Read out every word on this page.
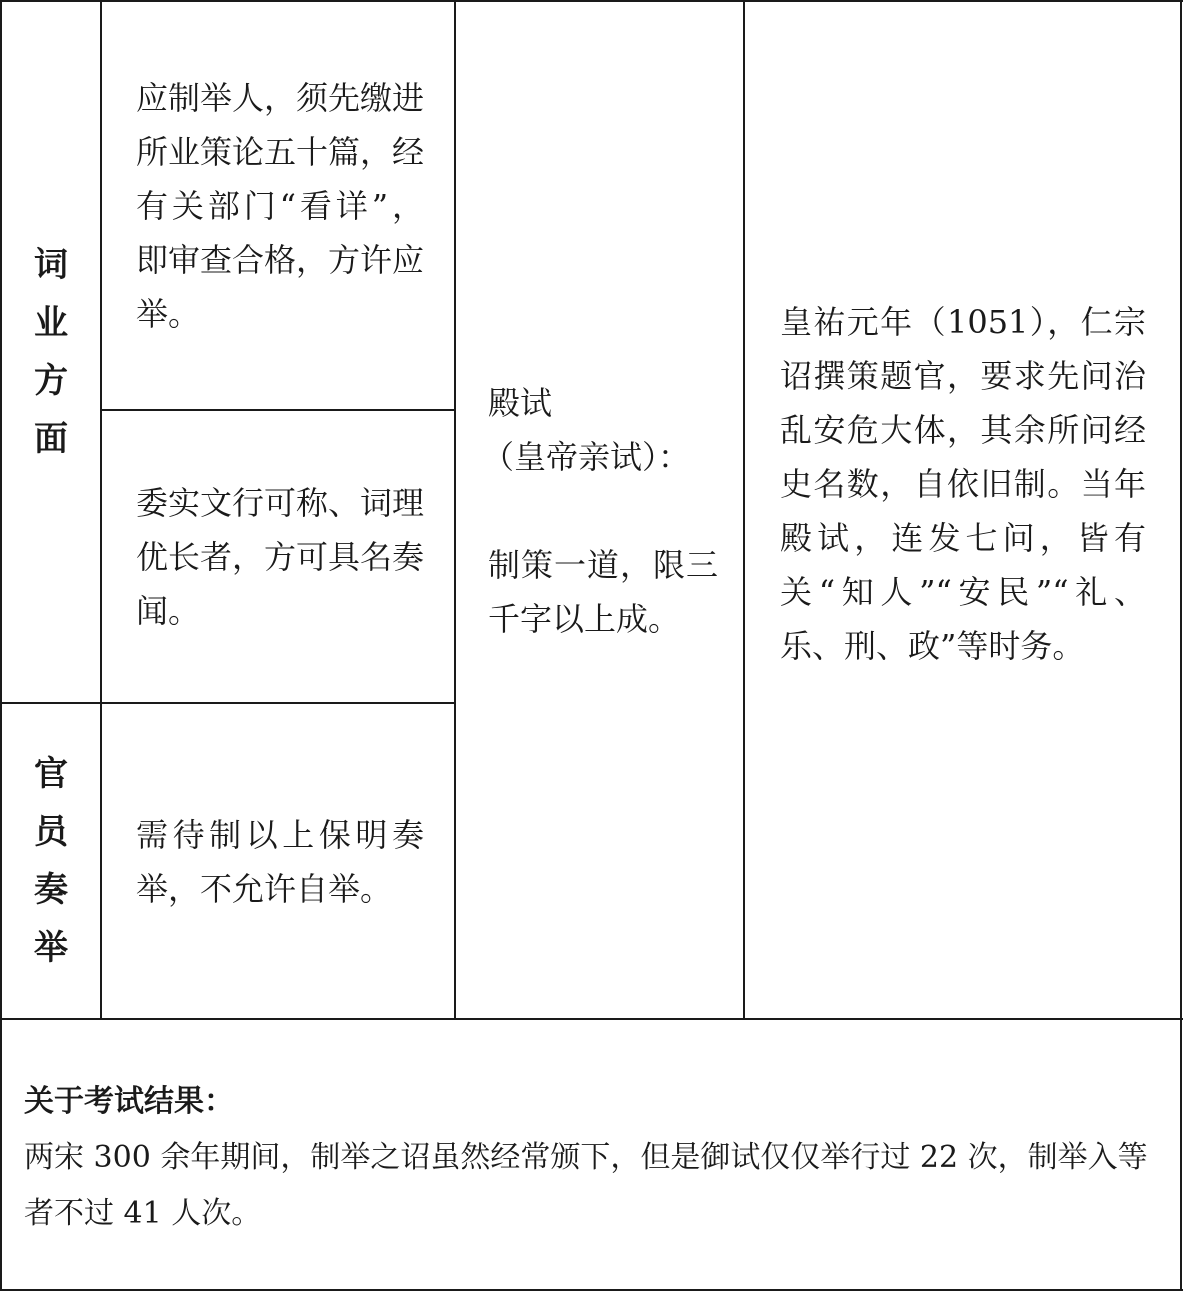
词
业
方
面
官
员
奏
举
应制举人，须先缴进所业策论五十篇，经有关部门“看详”，即审查合格，方许应举。
委实文行可称、词理优长者，方可具名奏闻。
需待制以上保明奏举，不允许自举。
殿试
（皇帝亲试）：
制策一道，限三千字以上成。
皇祐元年（1051），仁宗诏撰策题官，要求先问治乱安危大体，其余所问经史名数，自依旧制。当年殿试，连发七问，皆有关“知人”“安民”“礼、乐、刑、政”等时务。
关于考试结果：
两宋 300 余年期间，制举之诏虽然经常颁下，但是御试仅仅举行过 22 次，制举入等者不过 41 人次。
